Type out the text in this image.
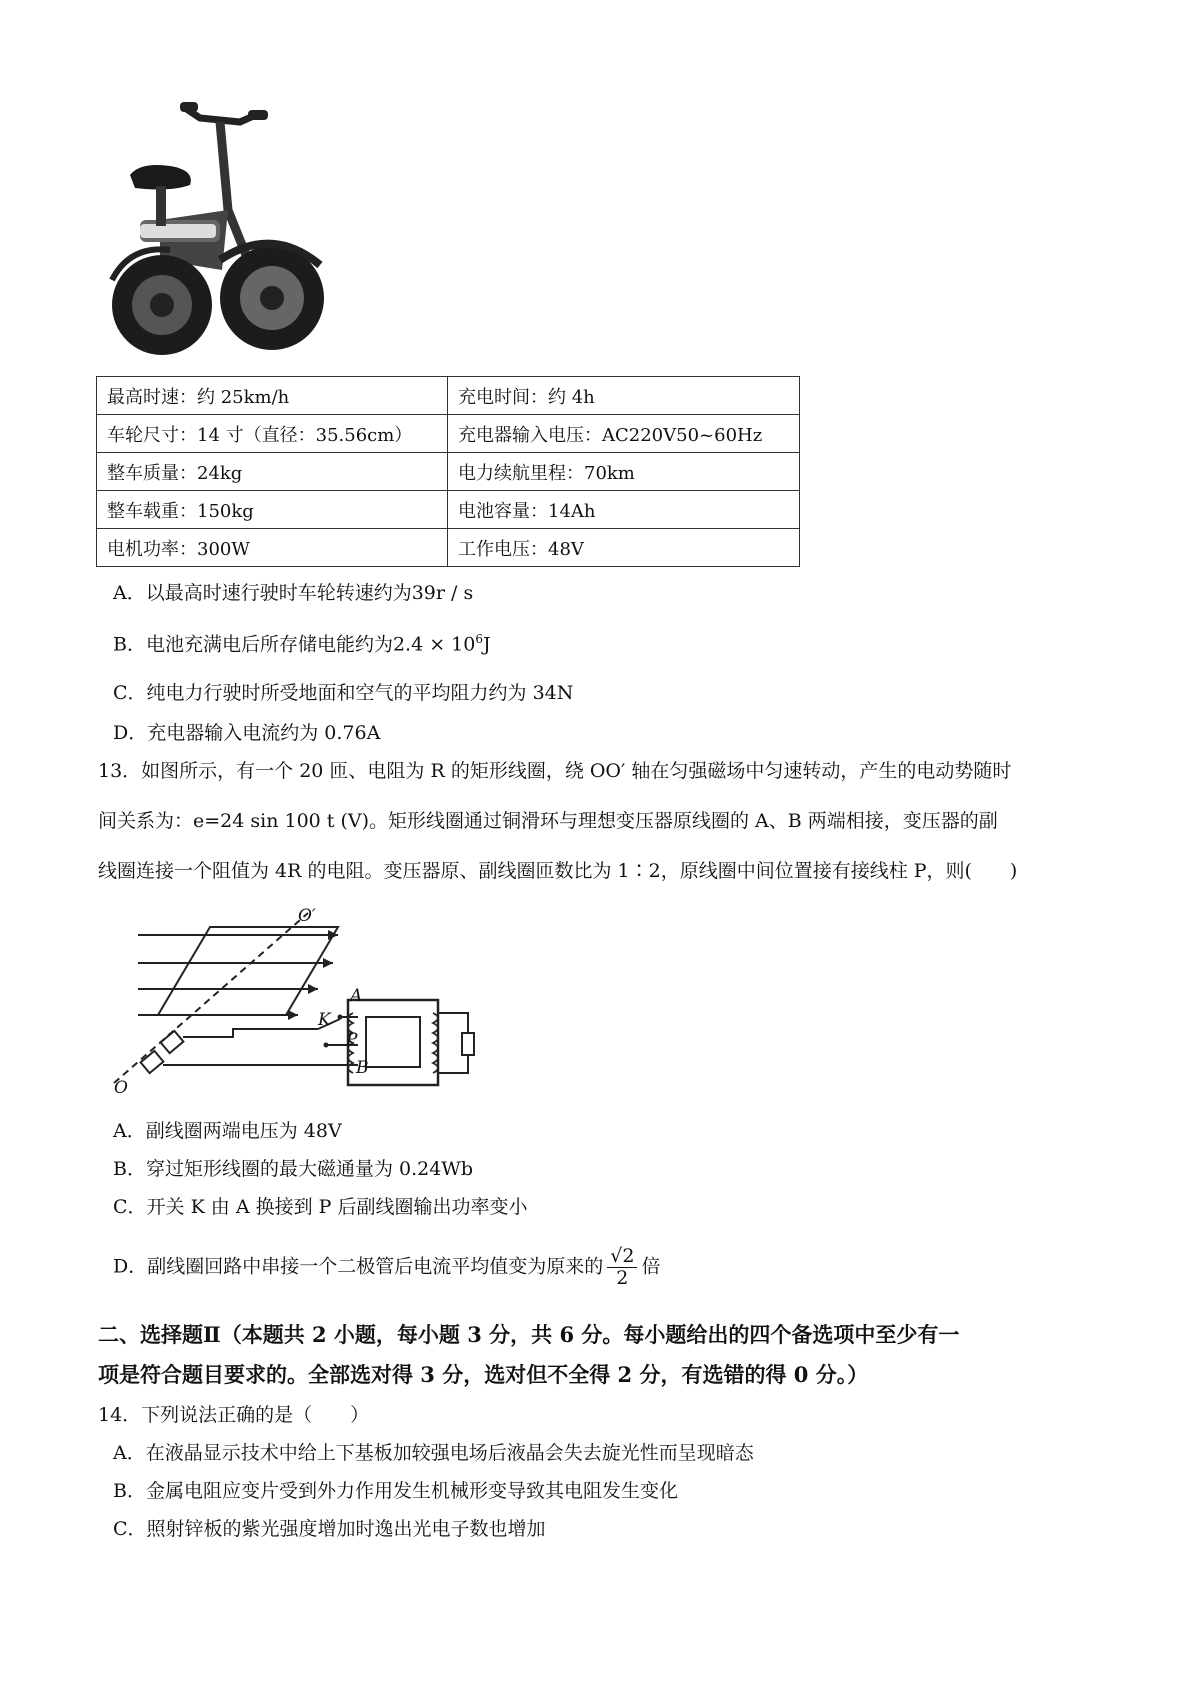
最高时速：约 25km/h	充电时间：约 4h
车轮尺寸：14 寸（直径：35.56cm）	充电器输入电压：AC220V50~60Hz
整车质量：24kg	电力续航里程：70km
整车载重：150kg	电池容量：14Ah
电机功率：300W	工作电压：48V
A．以最高时速行驶时车轮转速约为39r / s
B．电池充满电后所存储电能约为$2.4 \times 10^6J$
C．纯电力行驶时所受地面和空气的平均阻力约为 34N
D．充电器输入电流约为 0.76A
13．如图所示，有一个 20 匝、电阻为 R 的矩形线圈，绕 OO′ 轴在匀强磁场中匀速转动，产生的电动势随时
间关系为：e=24 sin 100 t (V)。矩形线圈通过铜滑环与理想变压器原线圈的 A、B 两端相接，变压器的副
线圈连接一个阻值为 4R 的电阻。变压器原、副线圈匝数比为 1∶2，原线圈中间位置接有接线柱 P，则(　　)
O′
O
A
K
P
B
A．副线圈两端电压为 48V
B．穿过矩形线圈的最大磁通量为 0.24Wb
C．开关 K 由 A 换接到 P 后副线圈输出功率变小
D．副线圈回路中串接一个二极管后电流平均值变为原来的 $\frac{√2}{2}$ 倍
二、选择题Ⅱ（本题共 2 小题，每小题 3 分，共 6 分。每小题给出的四个备选项中至少有一
项是符合题目要求的。全部选对得 3 分，选对但不全得 2 分，有选错的得 0 分。）
14．下列说法正确的是（　　）
A．在液晶显示技术中给上下基板加较强电场后液晶会失去旋光性而呈现暗态
B．金属电阻应变片受到外力作用发生机械形变导致其电阻发生变化
C．照射锌板的紫光强度增加时逸出光电子数也增加
